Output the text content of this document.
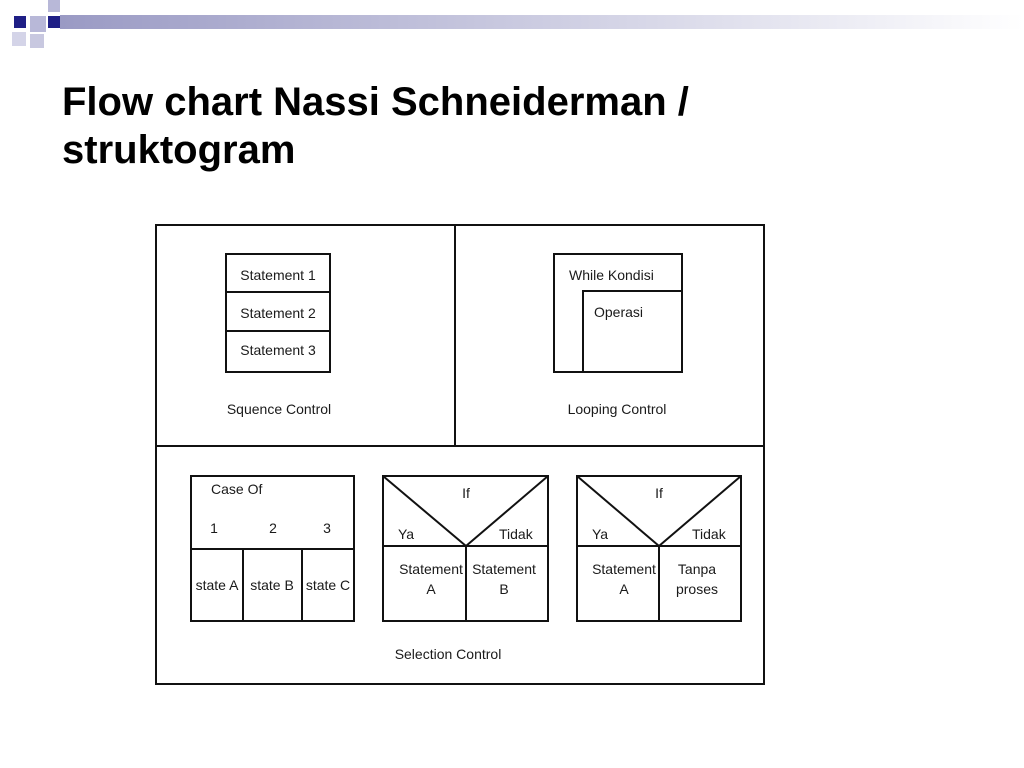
Flow chart Nassi Schneiderman /
struktogram
Statement 1
Statement 2
Statement 3
Squence Control
While Kondisi
Operasi
Looping Control
Case Of
1	2	3
state A state B state C
If
Ya	Tidak
Statement
A
Statement
B
If
Ya	Tidak
Statement
A
Tanpa
proses
Selection Control
